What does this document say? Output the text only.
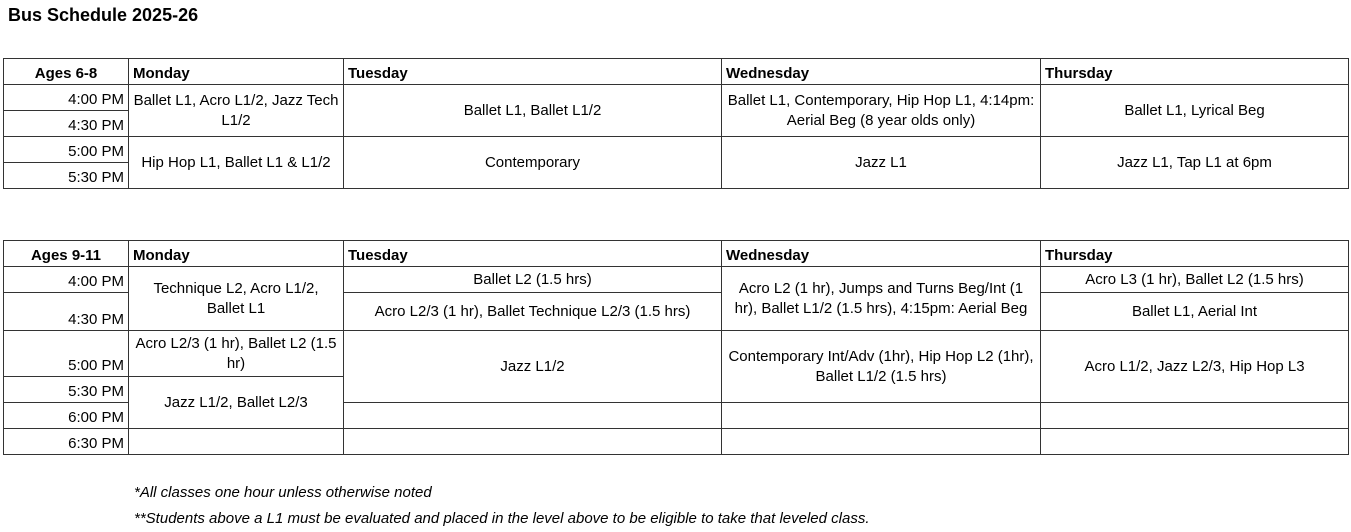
Bus Schedule 2025-26
Ages 6-8	Monday	Tuesday	Wednesday	Thursday
4:00 PM	Ballet L1, Acro L1/2, Jazz Tech L1/2	Ballet L1, Ballet L1/2	Ballet L1, Contemporary, Hip Hop L1, 4:14pm: Aerial Beg (8 year olds only)	Ballet L1, Lyrical Beg
4:30 PM				
5:00 PM	Hip Hop L1, Ballet L1 & L1/2	Contemporary	Jazz L1	Jazz L1, Tap L1 at 6pm
5:30 PM				
Ages 9-11	Monday	Tuesday	Wednesday	Thursday
4:00 PM	Technique L2, Acro L1/2, Ballet L1	Ballet L2 (1.5 hrs)	Acro L2 (1 hr), Jumps and Turns Beg/Int (1 hr), Ballet L1/2 (1.5 hrs), 4:15pm: Aerial Beg	Acro L3 (1 hr), Ballet L2 (1.5 hrs)
4:30 PM		Acro L2/3 (1 hr), Ballet Technique L2/3 (1.5 hrs)		Ballet L1, Aerial Int
5:00 PM	Acro L2/3 (1 hr), Ballet L2 (1.5 hr)	Jazz L1/2	Contemporary Int/Adv (1hr), Hip Hop L2 (1hr), Ballet L1/2 (1.5 hrs)	Acro L1/2, Jazz L2/3, Hip Hop L3
5:30 PM	Jazz L1/2, Ballet L2/3			
6:00 PM				
6:30 PM				
*All classes one hour unless otherwise noted
**Students above a L1 must be evaluated and placed in the level above to be eligible to take that leveled class.
